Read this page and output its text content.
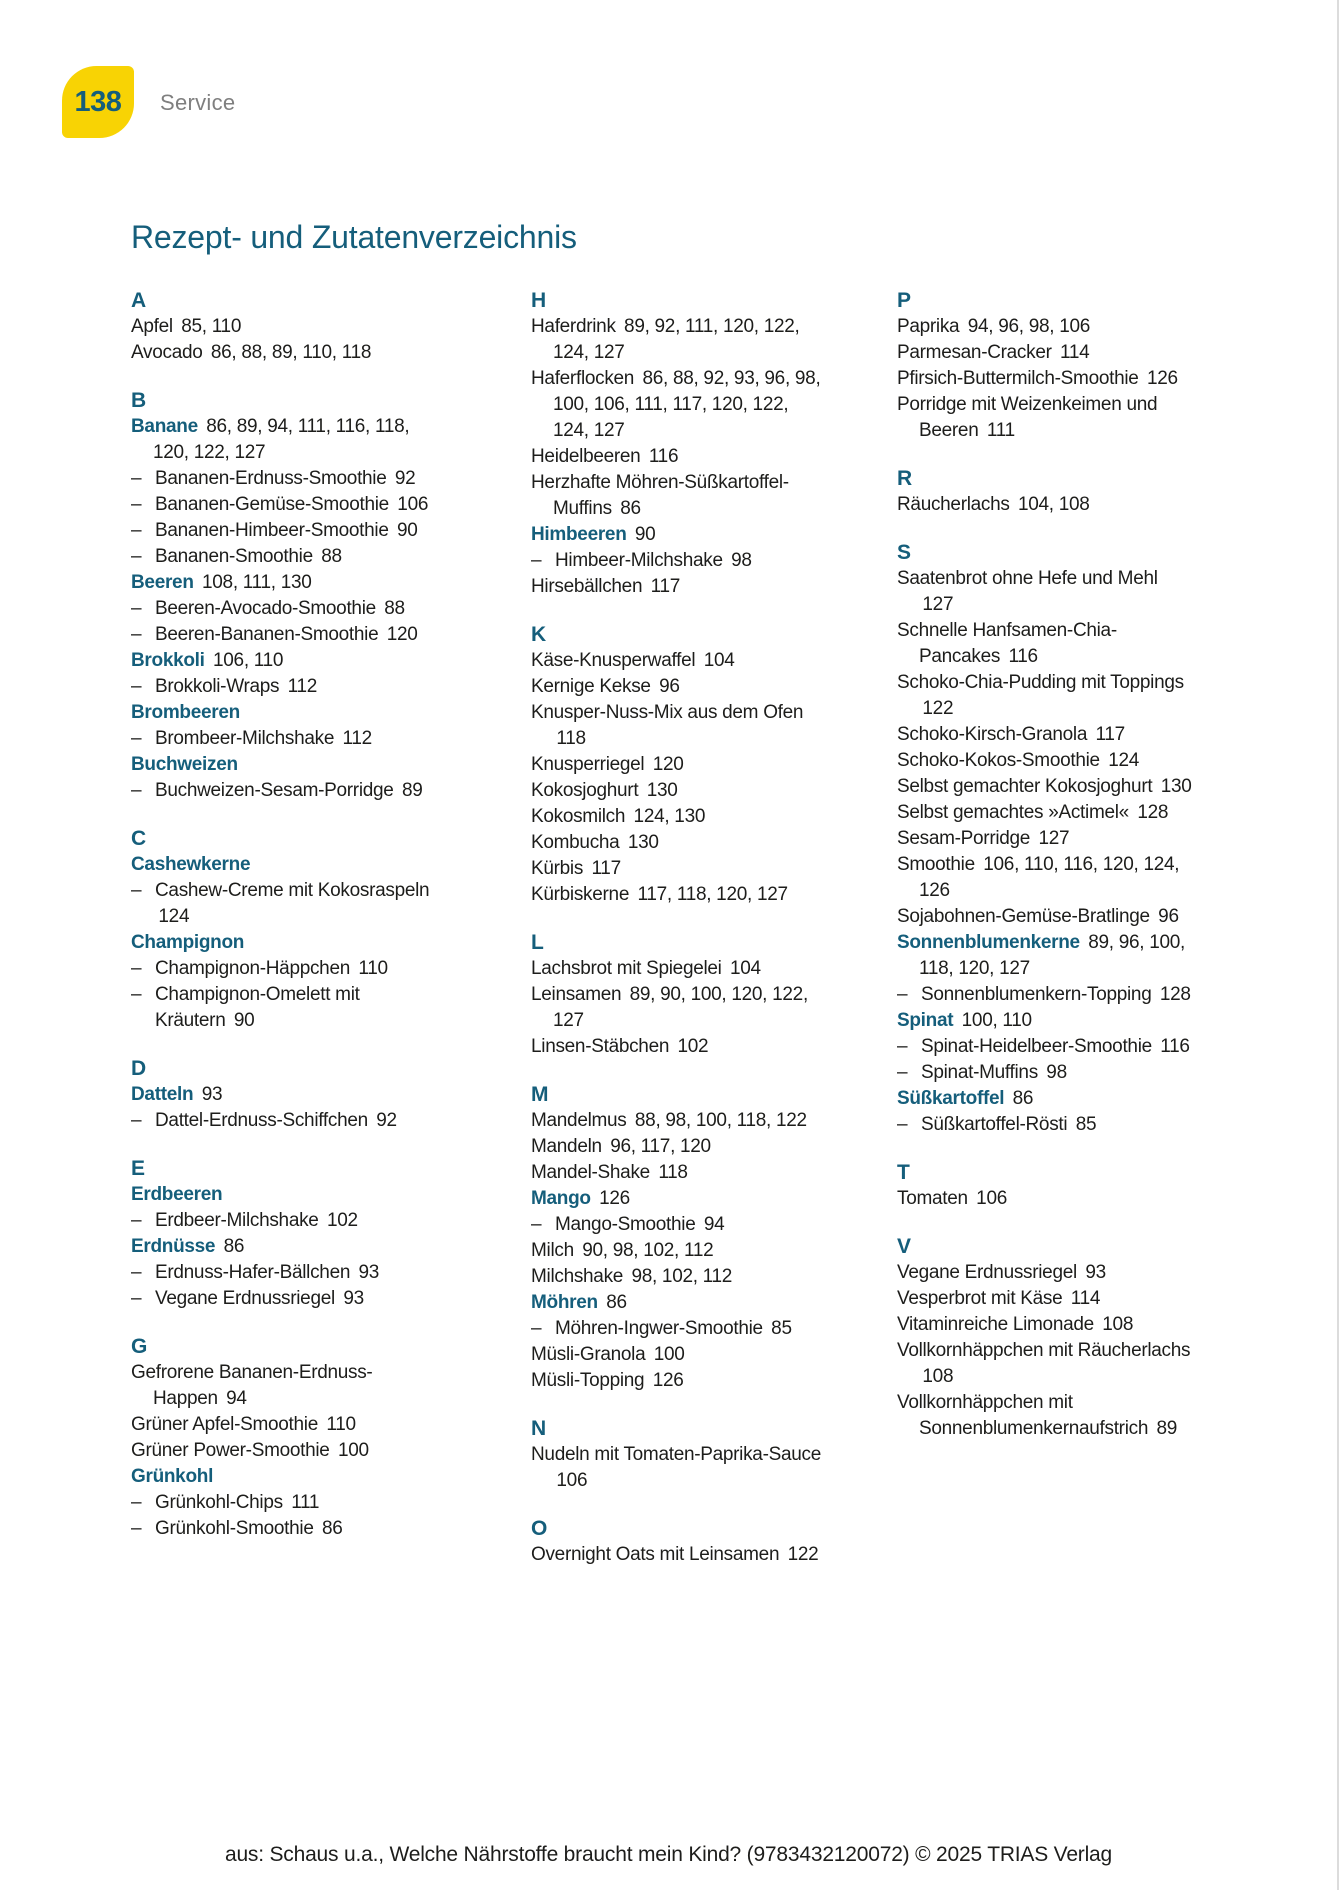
138 Service
Rezept- und Zutatenverzeichnis
A
Apfel 85, 110
Avocado 86, 88, 89, 110, 118
B
Banane 86, 89, 94, 111, 116, 118, 120, 122, 127
– Bananen-Erdnuss-Smoothie 92
– Bananen-Gemüse-Smoothie 106
– Bananen-Himbeer-Smoothie 90
– Bananen-Smoothie 88
Beeren 108, 111, 130
– Beeren-Avocado-Smoothie 88
– Beeren-Bananen-Smoothie 120
Brokkoli 106, 110
– Brokkoli-Wraps 112
Brombeeren
– Brombeer-Milchshake 112
Buchweizen
– Buchweizen-Sesam-Porridge 89
C
Cashewkerne
– Cashew-Creme mit Kokosraspeln 124
Champignon
– Champignon-Häppchen 110
– Champignon-Omelett mit Kräutern 90
D
Datteln 93
– Dattel-Erdnuss-Schiffchen 92
E
Erdbeeren
– Erdbeer-Milchshake 102
Erdnüsse 86
– Erdnuss-Hafer-Bällchen 93
– Vegane Erdnussriegel 93
G
Gefrorene Bananen-Erdnuss-Happen 94
Grüner Apfel-Smoothie 110
Grüner Power-Smoothie 100
Grünkohl
– Grünkohl-Chips 111
– Grünkohl-Smoothie 86
H
Haferdrink 89, 92, 111, 120, 122, 124, 127
Haferflocken 86, 88, 92, 93, 96, 98, 100, 106, 111, 117, 120, 122, 124, 127
Heidelbeeren 116
Herzhafte Möhren-Süßkartoffel-Muffins 86
Himbeeren 90
– Himbeer-Milchshake 98
Hirsebällchen 117
K
Käse-Knusperwaffel 104
Kernige Kekse 96
Knusper-Nuss-Mix aus dem Ofen 118
Knusperriegel 120
Kokosjoghurt 130
Kokosmilch 124, 130
Kombucha 130
Kürbis 117
Kürbiskerne 117, 118, 120, 127
L
Lachsbrot mit Spiegelei 104
Leinsamen 89, 90, 100, 120, 122, 127
Linsen-Stäbchen 102
M
Mandelmus 88, 98, 100, 118, 122
Mandeln 96, 117, 120
Mandel-Shake 118
Mango 126
– Mango-Smoothie 94
Milch 90, 98, 102, 112
Milchshake 98, 102, 112
Möhren 86
– Möhren-Ingwer-Smoothie 85
Müsli-Granola 100
Müsli-Topping 126
N
Nudeln mit Tomaten-Paprika-Sauce 106
O
Overnight Oats mit Leinsamen 122
P
Paprika 94, 96, 98, 106
Parmesan-Cracker 114
Pfirsich-Buttermilch-Smoothie 126
Porridge mit Weizenkeimen und Beeren 111
R
Räucherlachs 104, 108
S
Saatenbrot ohne Hefe und Mehl 127
Schnelle Hanfsamen-Chia-Pancakes 116
Schoko-Chia-Pudding mit Toppings 122
Schoko-Kirsch-Granola 117
Schoko-Kokos-Smoothie 124
Selbst gemachter Kokosjoghurt 130
Selbst gemachtes »Actimel« 128
Sesam-Porridge 127
Smoothie 106, 110, 116, 120, 124, 126
Sojabohnen-Gemüse-Bratlinge 96
Sonnenblumenkerne 89, 96, 100, 118, 120, 127
– Sonnenblumenkern-Topping 128
Spinat 100, 110
– Spinat-Heidelbeer-Smoothie 116
– Spinat-Muffins 98
Süßkartoffel 86
– Süßkartoffel-Rösti 85
T
Tomaten 106
V
Vegane Erdnussriegel 93
Vesperbrot mit Käse 114
Vitaminreiche Limonade 108
Vollkornhäppchen mit Räucherlachs 108
Vollkornhäppchen mit Sonnenblumenkernaufstrich 89
aus: Schaus u.a., Welche Nährstoffe braucht mein Kind? (9783432120072) © 2025 TRIAS Verlag
